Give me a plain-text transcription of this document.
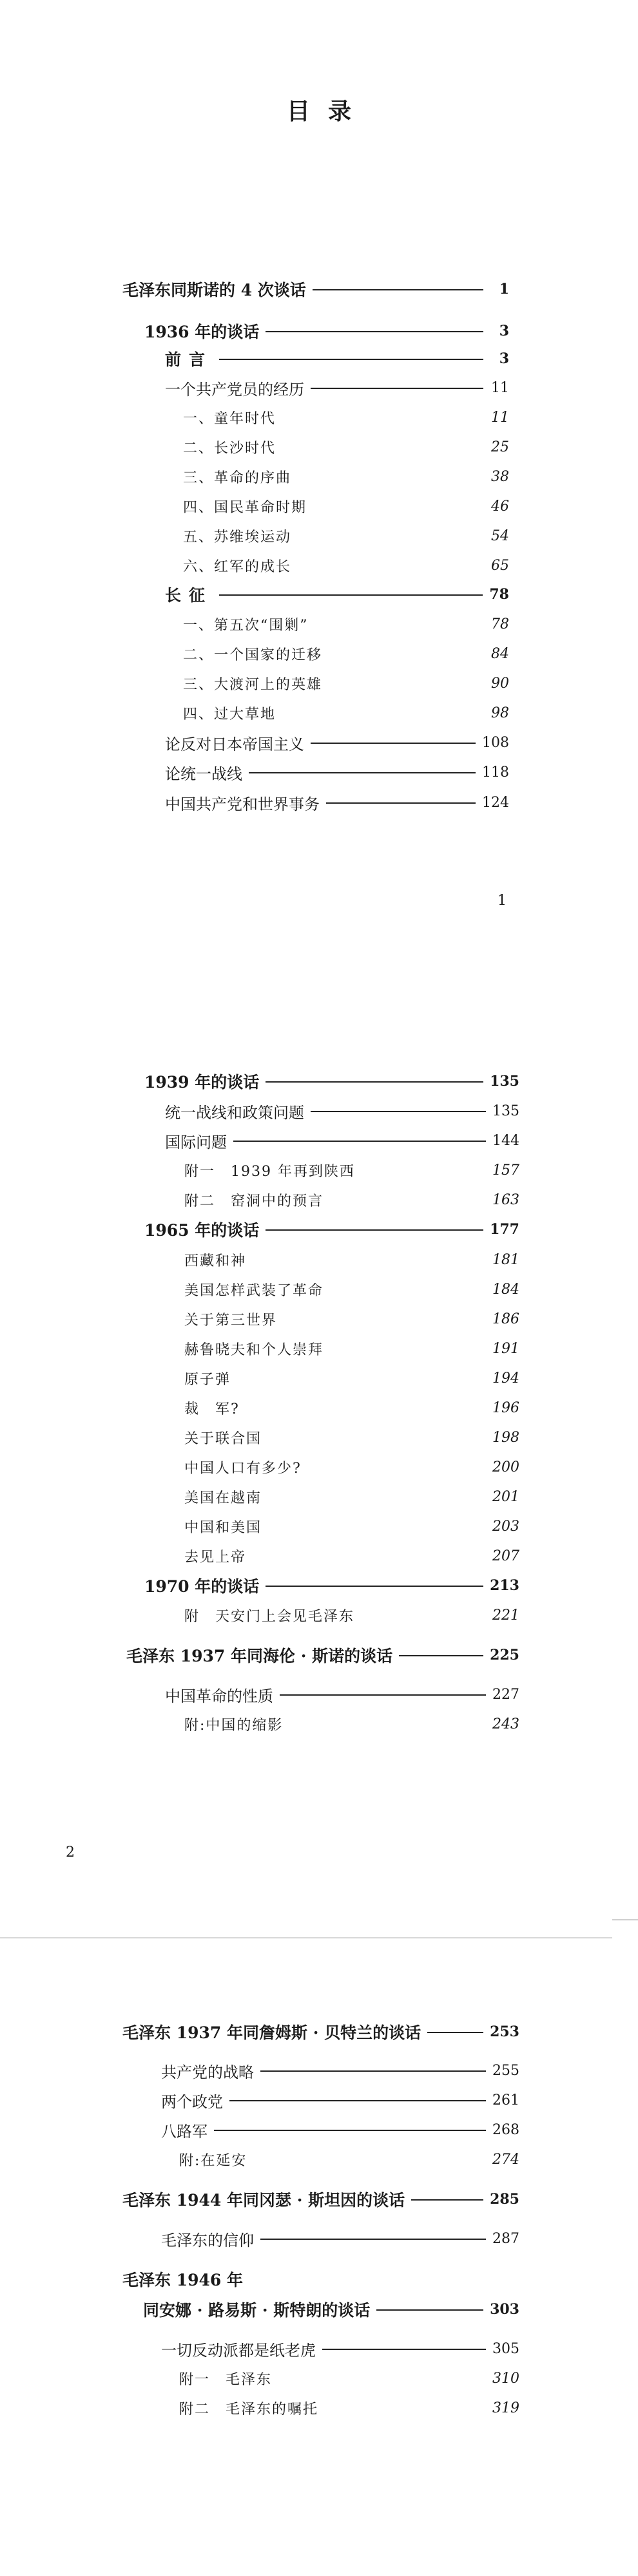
目录
毛泽东同斯诺的 4 次谈话	1
1936 年的谈话	3
前言	3
一个共产党员的经历	11
一、童年时代	11
二、长沙时代	25
三、革命的序曲	38
四、国民革命时期	46
五、苏维埃运动	54
六、红军的成长	65
长征	78
一、第五次“围剿”	78
二、一个国家的迁移	84
三、大渡河上的英雄	90
四、过大草地	98
论反对日本帝国主义	108
论统一战线	118
中国共产党和世界事务	124
1
1939 年的谈话	135
统一战线和政策问题	135
国际问题	144
附一　1939 年再到陕西	157
附二　窑洞中的预言	163
1965 年的谈话	177
西藏和神	181
美国怎样武装了革命	184
关于第三世界	186
赫鲁晓夫和个人崇拜	191
原子弹	194
裁　军?	196
关于联合国	198
中国人口有多少?	200
美国在越南	201
中国和美国	203
去见上帝	207
1970 年的谈话	213
附　天安门上会见毛泽东	221
毛泽东 1937 年同海伦 · 斯诺的谈话	225
中国革命的性质	227
附:中国的缩影	243
2
毛泽东 1937 年同詹姆斯 · 贝特兰的谈话	253
共产党的战略	255
两个政党	261
八路军	268
附:在延安	274
毛泽东 1944 年同冈瑟 · 斯坦因的谈话	285
毛泽东的信仰	287
毛泽东 1946 年
同安娜 · 路易斯 · 斯特朗的谈话	303
一切反动派都是纸老虎	305
附一　毛泽东	310
附二　毛泽东的嘱托	319
